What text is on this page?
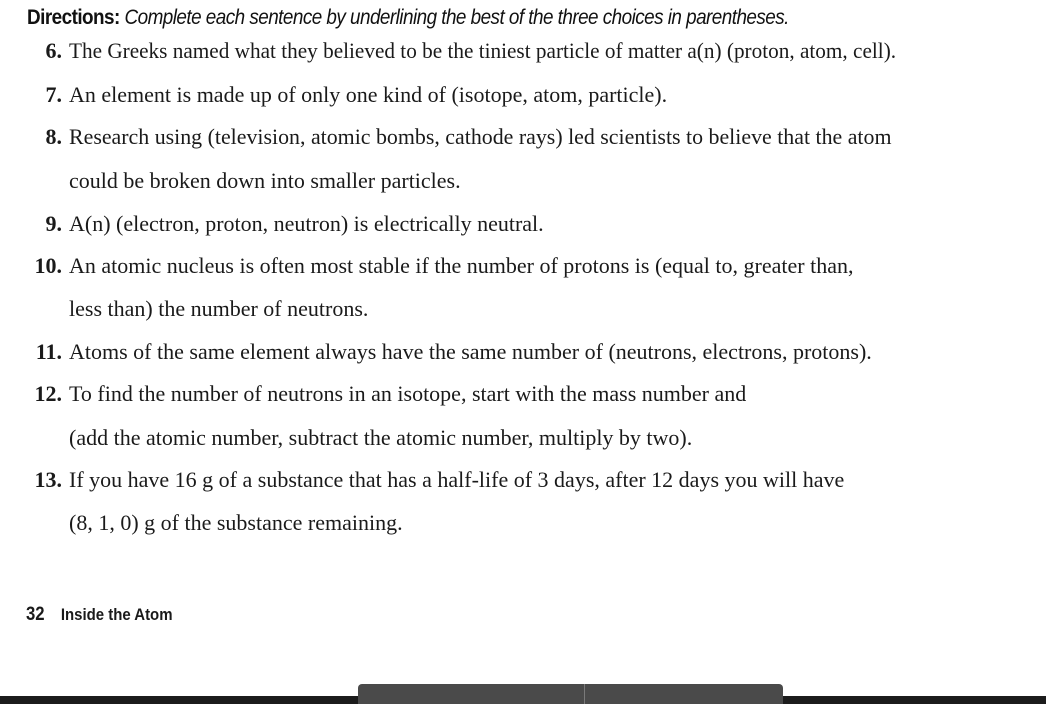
Directions: Complete each sentence by underlining the best of the three choices in parentheses.
6. The Greeks named what they believed to be the tiniest particle of matter a(n) (proton, atom, cell).
7. An element is made up of only one kind of (isotope, atom, particle).
8. Research using (television, atomic bombs, cathode rays) led scientists to believe that the atom
could be broken down into smaller particles.
9. A(n) (electron, proton, neutron) is electrically neutral.
10. An atomic nucleus is often most stable if the number of protons is (equal to, greater than,
less than) the number of neutrons.
11. Atoms of the same element always have the same number of (neutrons, electrons, protons).
12. To find the number of neutrons in an isotope, start with the mass number and
(add the atomic number, subtract the atomic number, multiply by two).
13. If you have 16 g of a substance that has a half-life of 3 days, after 12 days you will have
(8, 1, 0) g of the substance remaining.
32 Inside the Atom
